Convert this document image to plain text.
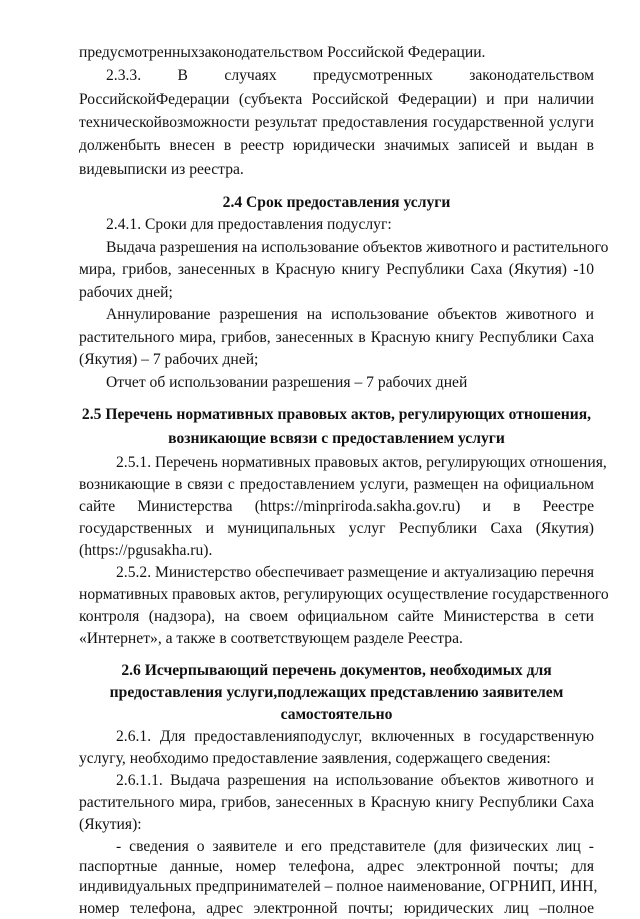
предусмотренныхзаконодательством Российской Федерации.
2.3.3. В случаях предусмотренных законодательством
РоссийскойФедерации (субъекта Российской Федерации) и при наличии
техническойвозможности результат предоставления государственной услуги
долженбыть внесен в реестр юридически значимых записей и выдан в
видевыписки из реестра.
2.4 Срок предоставления услуги
2.4.1. Сроки для предоставления подуслуг:
Выдача разрешения на использование объектов животного и растительного
мира, грибов, занесенных в Красную книгу Республики Саха (Якутия) -10
рабочих дней;
Аннулирование разрешения на использование объектов животного и
растительного мира, грибов, занесенных в Красную книгу Республики Саха
(Якутия) – 7 рабочих дней;
Отчет об использовании разрешения – 7 рабочих дней
2.5 Перечень нормативных правовых актов, регулирующих отношения,
возникающие всвязи с предоставлением услуги
2.5.1. Перечень нормативных правовых актов, регулирующих отношения,
возникающие в связи с предоставлением услуги, размещен на официальном
сайте Министерства (https://minpriroda.sakha.gov.ru) и в Реестре
государственных и муниципальных услуг Республики Саха (Якутия)
(https://pgusakha.ru).
2.5.2. Министерство обеспечивает размещение и актуализацию перечня
нормативных правовых актов, регулирующих осуществление государственного
контроля (надзора), на своем официальном сайте Министерства в сети
«Интернет», а также в соответствующем разделе Реестра.
2.6 Исчерпывающий перечень документов, необходимых для
предоставления услуги,подлежащих представлению заявителем
самостоятельно
2.6.1. Для предоставленияподуслуг, включенных в государственную
услугу, необходимо предоставление заявления, содержащего сведения:
2.6.1.1. Выдача разрешения на использование объектов животного и
растительного мира, грибов, занесенных в Красную книгу Республики Саха
(Якутия):
- сведения о заявителе и его представителе (для физических лиц -
паспортные данные, номер телефона, адрес электронной почты; для
индивидуальных предпринимателей – полное наименование, ОГРНИП, ИНН,
номер телефона, адрес электронной почты; юридических лиц –полное
